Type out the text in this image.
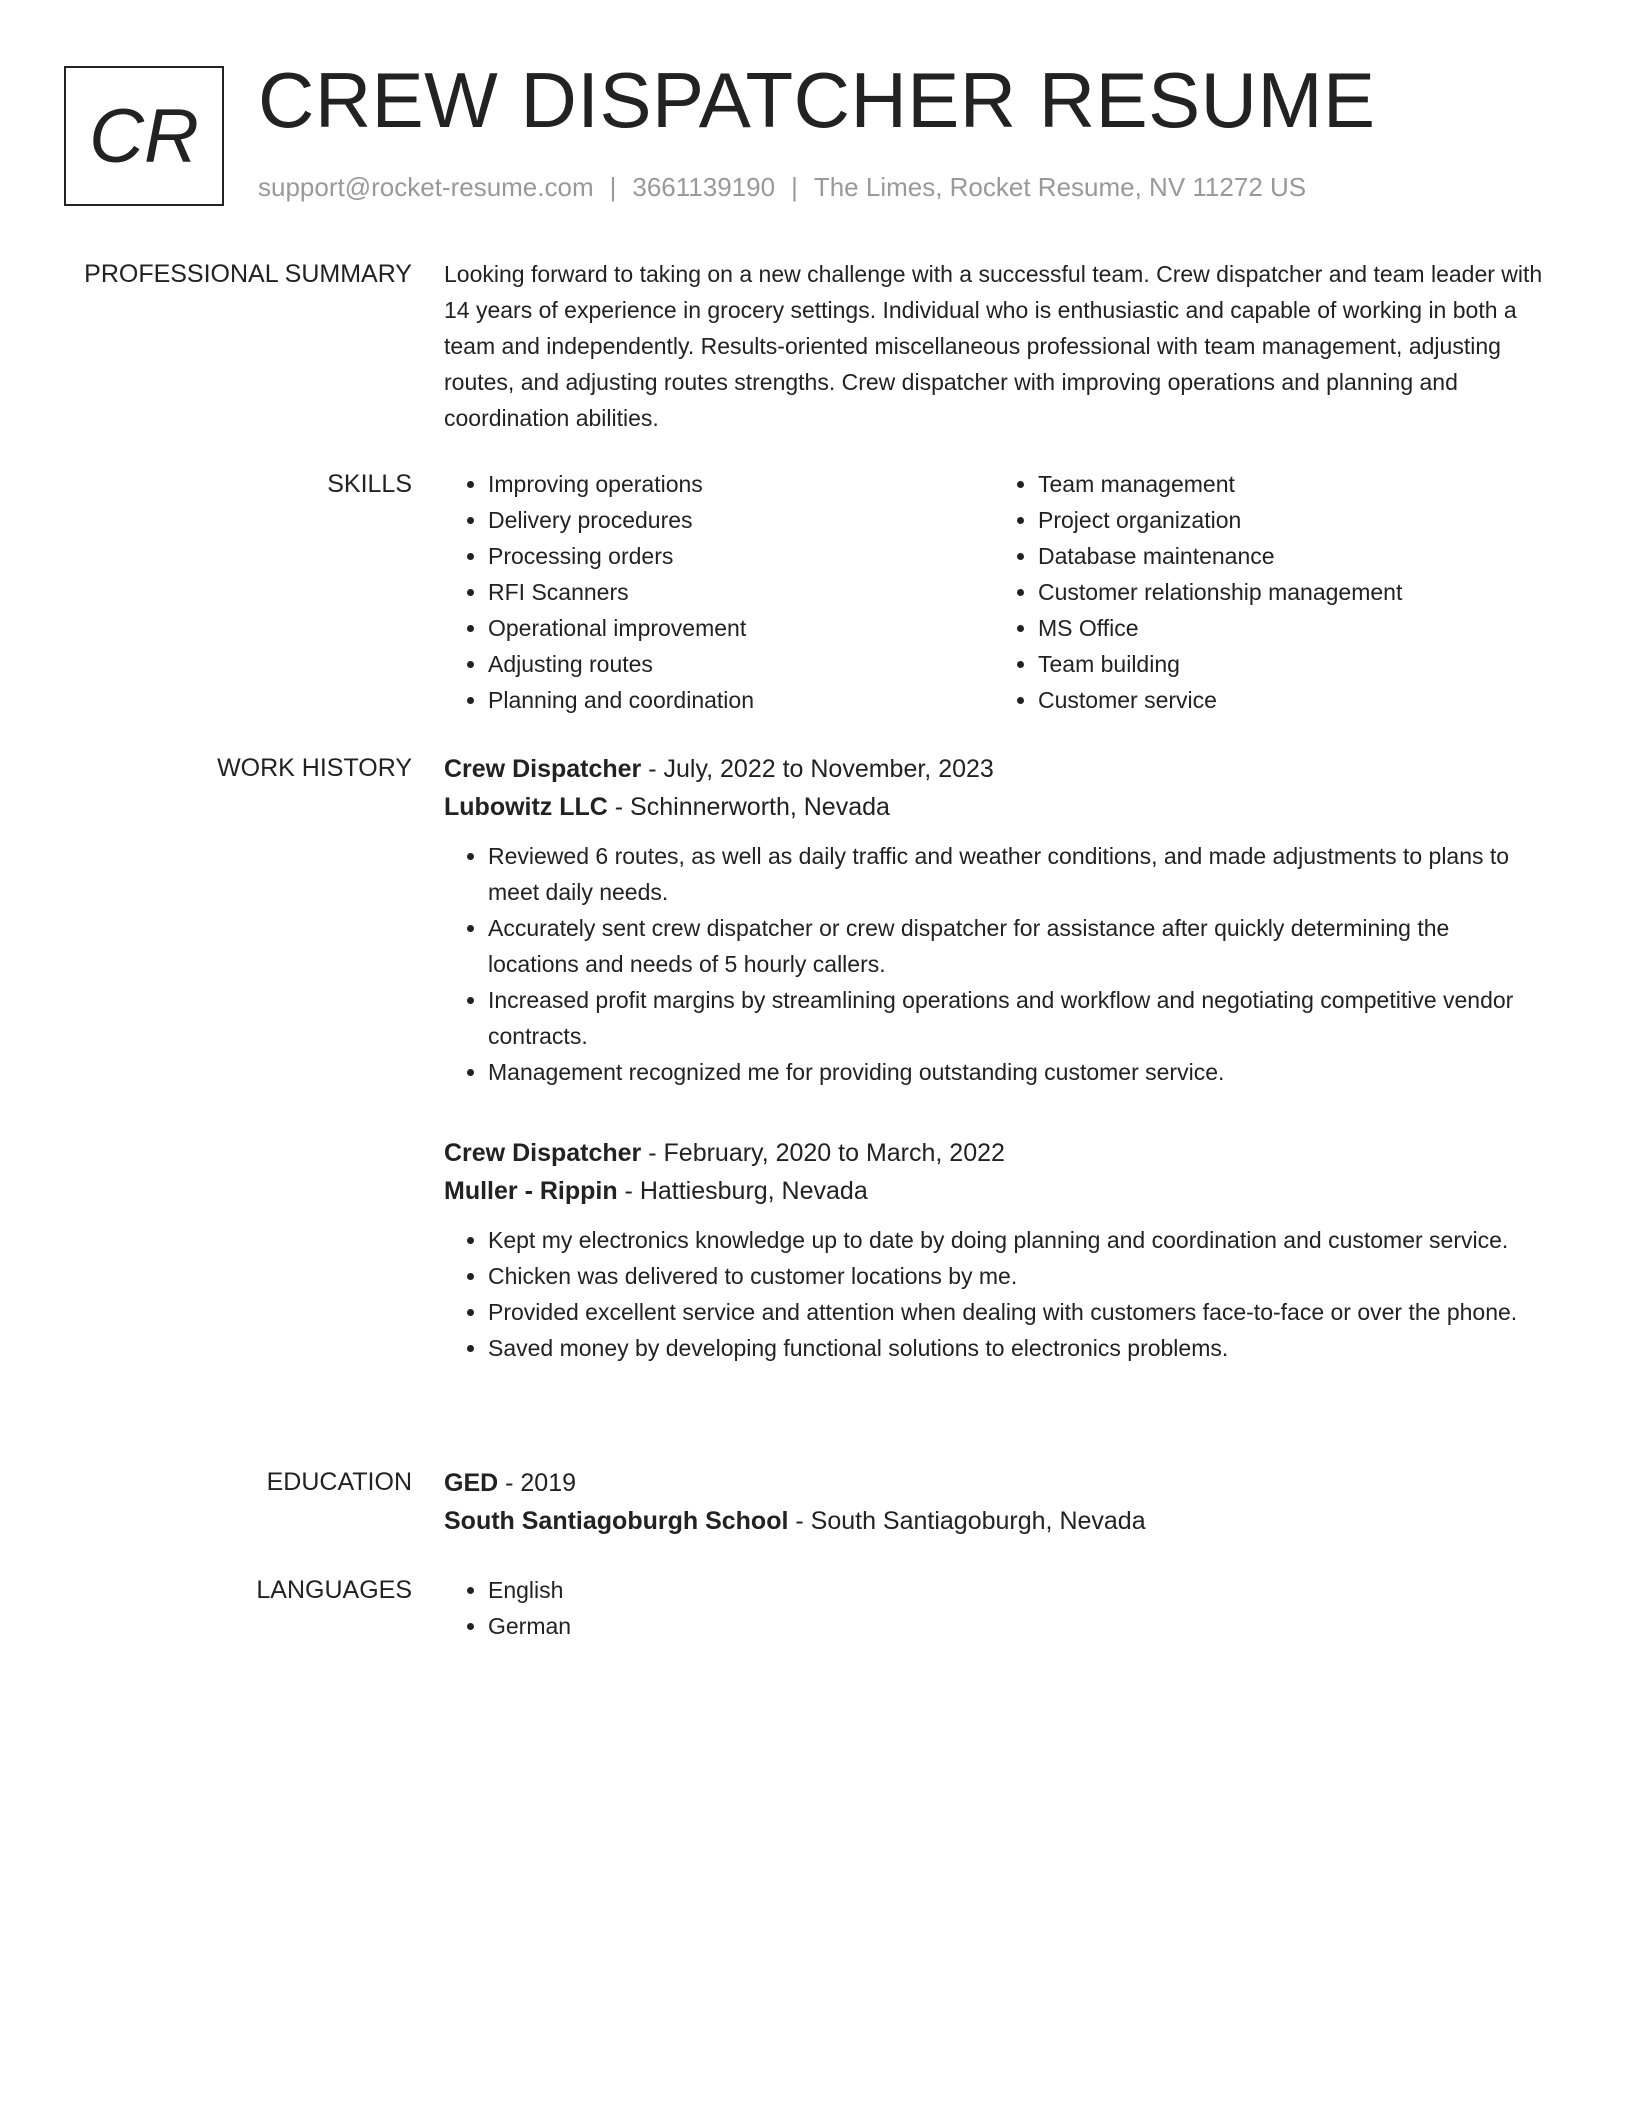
CR CREW DISPATCHER RESUME
support@rocket-resume.com | 3661139190 | The Limes, Rocket Resume, NV 11272 US
PROFESSIONAL SUMMARY Looking forward to taking on a new challenge with a successful team. Crew dispatcher and team leader with 14 years of experience in grocery settings. Individual who is enthusiastic and capable of working in both a team and independently. Results-oriented miscellaneous professional with team management, adjusting routes, and adjusting routes strengths. Crew dispatcher with improving operations and planning and coordination abilities.

SKILLS	• Improving operations
• Delivery procedures
• Processing orders
• RFI Scanners
• Operational improvement
• Adjusting routes
• Planning and coordination
• Team management
• Project organization
• Database maintenance
• Customer relationship management
• MS Office
• Team building
• Customer service
WORK HISTORY Crew Dispatcher - July, 2022 to November, 2023
Lubowitz LLC - Schinnerworth, Nevada
• Reviewed 6 routes, as well as daily traffic and weather conditions, and made adjustments to plans to meet daily needs.
• Accurately sent crew dispatcher or crew dispatcher for assistance after quickly determining the locations and needs of 5 hourly callers.
• Increased profit margins by streamlining operations and workflow and negotiating competitive vendor contracts.
• Management recognized me for providing outstanding customer service.
Crew Dispatcher - February, 2020 to March, 2022
Muller - Rippin - Hattiesburg, Nevada
• Kept my electronics knowledge up to date by doing planning and coordination and customer service.
• Chicken was delivered to customer locations by me.
• Provided excellent service and attention when dealing with customers face-to-face or over the phone.
• Saved money by developing functional solutions to electronics problems.
EDUCATION GED - 2019
South Santiagoburgh School - South Santiagoburgh, Nevada
LANGUAGES	• English
• German
